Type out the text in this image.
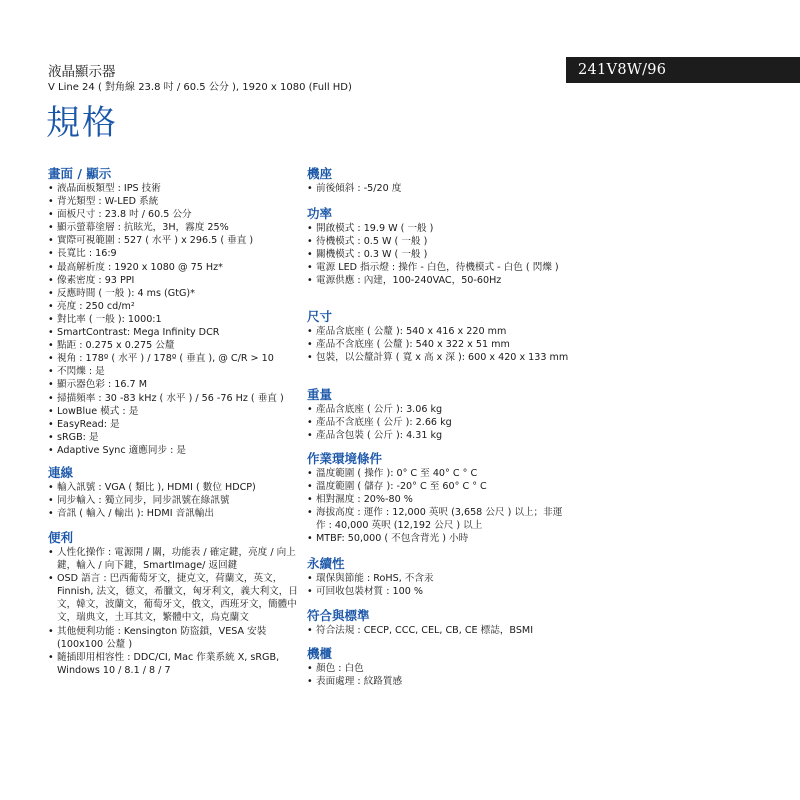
241V8W/96
液晶顯示器
V Line 24 ( 對角線 23.8 吋 / 60.5 公分 ), 1920 x 1080 (Full HD)
規格
畫面 / 顯示
• 液晶面板類型 : IPS 技術
• 背光類型 : W-LED 系統
• 面板尺寸 : 23.8 吋 / 60.5 公分
• 顯示螢幕塗層 : 抗眩光，3H，霧度 25%
• 實際可視範圍 : 527 ( 水平 ) x 296.5 ( 垂直 )
• 長寬比 : 16:9
• 最高解析度 : 1920 x 1080 @ 75 Hz*
• 像素密度 : 93 PPI
• 反應時間 ( 一般 ): 4 ms (GtG)*
• 亮度 : 250 cd/m²
• 對比率 ( 一般 ): 1000:1
• SmartContrast: Mega Infinity DCR
• 點距 : 0.275 x 0.275 公釐
• 視角 : 178º ( 水平 ) / 178º ( 垂直 ), @ C/R > 10
• 不閃爍 : 是
• 顯示器色彩 : 16.7 M
• 掃描頻率 : 30 -83 kHz ( 水平 ) / 56 -76 Hz ( 垂直 )
• LowBlue 模式 : 是
• EasyRead: 是
• sRGB: 是
• Adaptive Sync 適應同步 : 是
連線
• 輸入訊號 : VGA ( 類比 ), HDMI ( 數位 HDCP)
• 同步輸入 : 獨立同步，同步訊號在綠訊號
• 音訊 ( 輸入 / 輸出 ): HDMI 音訊輸出
便利
• 人性化操作 : 電源開 / 關，功能表 / 確定鍵，亮度 / 向上鍵，輸入 / 向下鍵，SmartImage/ 返回鍵
• OSD 語言 : 巴西葡萄牙文，捷克文，荷蘭文，英文，Finnish, 法文，德文，希臘文，匈牙利文，義大利文，日文，韓文，波蘭文，葡萄牙文，俄文，西班牙文，簡體中文，瑞典文，土耳其文，繁體中文，烏克蘭文
• 其他便利功能 : Kensington 防盜鎖，VESA 安裝 (100x100 公釐 )
• 隨插即用相容性 : DDC/CI, Mac 作業系統 X, sRGB, Windows 10 / 8.1 / 8 / 7
機座
• 前後傾斜 : -5/20 度
功率
• 開啟模式 : 19.9 W ( 一般 )
• 待機模式 : 0.5 W ( 一般 )
• 關機模式 : 0.3 W ( 一般 )
• 電源 LED 指示燈 : 操作 - 白色，待機模式 - 白色 ( 閃爍 )
• 電源供應 : 內建，100-240VAC，50-60Hz
尺寸
• 產品含底座 ( 公釐 ): 540 x 416 x 220 mm
• 產品不含底座 ( 公釐 ): 540 x 322 x 51 mm
• 包裝，以公釐計算 ( 寬 x 高 x 深 ): 600 x 420 x 133 mm
重量
• 產品含底座 ( 公斤 ): 3.06 kg
• 產品不含底座 ( 公斤 ): 2.66 kg
• 產品含包裝 ( 公斤 ): 4.31 kg
作業環境條件
• 溫度範圍 ( 操作 ): 0° C 至 40° C ° C
• 溫度範圍 ( 儲存 ): -20° C 至 60° C ° C
• 相對濕度 : 20%-80 %
• 海拔高度 : 運作 : 12,000 英呎 (3,658 公尺 ) 以上；非運作 : 40,000 英呎 (12,192 公尺 ) 以上
• MTBF: 50,000 ( 不包含背光 ) 小時
永續性
• 環保與節能 : RoHS, 不含汞
• 可回收包裝材質 : 100 %
符合與標準
• 符合法規 : CECP, CCC, CEL, CB, CE 標誌，BSMI
機櫃
• 顏色 : 白色
• 表面處理 : 紋路質感
